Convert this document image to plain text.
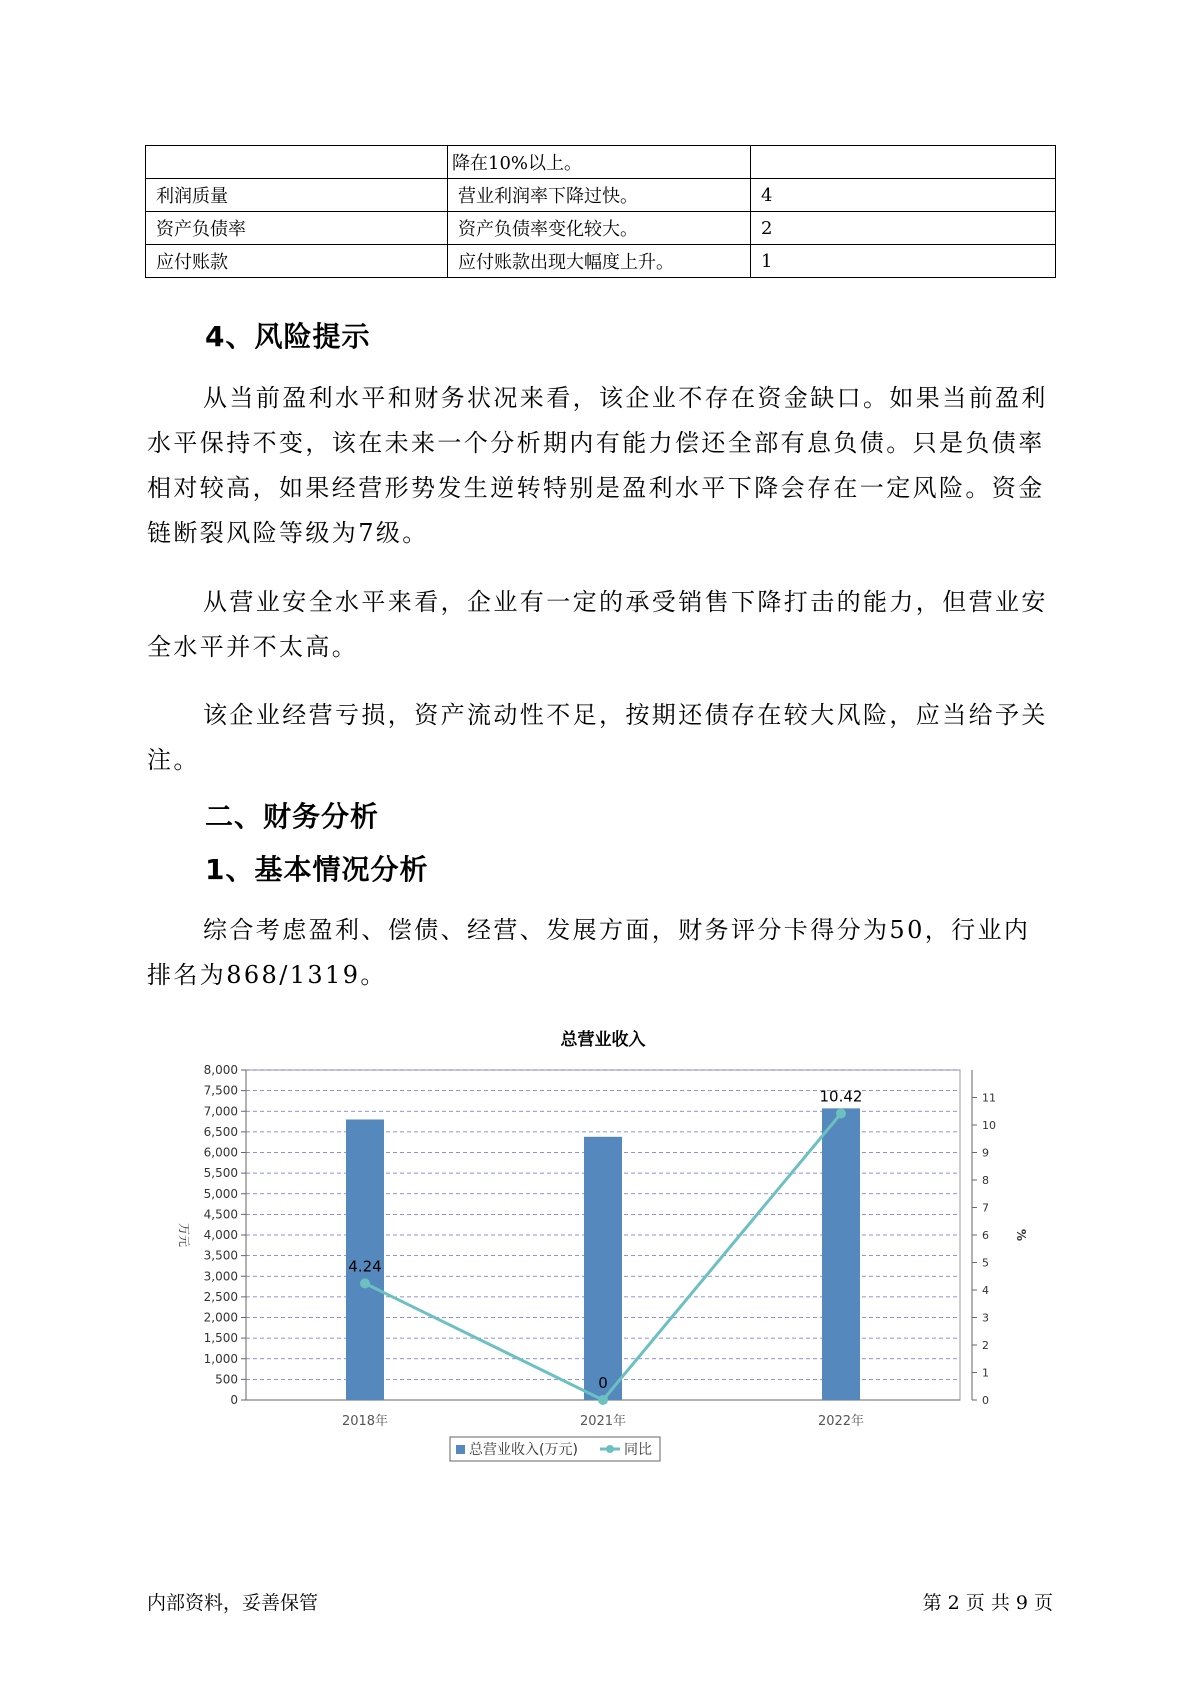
	降在10%以上。	
利润质量	营业利润率下降过快。	4
资产负债率	资产负债率变化较大。	2
应付账款	应付账款出现大幅度上升。	1
4、风险提示

从当前盈利水平和财务状况来看，该企业不存在资金缺口。如果当前盈利水平保持不变，该在未来一个分析期内有能力偿还全部有息负债。只是负债率相对较高，如果经营形势发生逆转特别是盈利水平下降会存在一定风险。资金链断裂风险等级为7级。

从营业安全水平来看，企业有一定的承受销售下降打击的能力，但营业安全水平并不太高。

该企业经营亏损，资产流动性不足，按期还债存在较大风险，应当给予关注。

二、财务分析
1、基本情况分析

综合考虑盈利、偿债、经营、发展方面，财务评分卡得分为50，行业内排名为868/1319。

总营业收入
0
500
1,000
1,500
2,000
2,500
3,000
3,500
4,000
4,500
5,000
5,500
6,000
6,500
7,000
7,500
8,000
万元
0
1
2
3
4
5
6
7
8
9
10
11
%
2018年	2021年	2022年
4.24
0
10.42
总营业收入(万元)	同比
内部资料，妥善保管	第 2 页 共 9 页
